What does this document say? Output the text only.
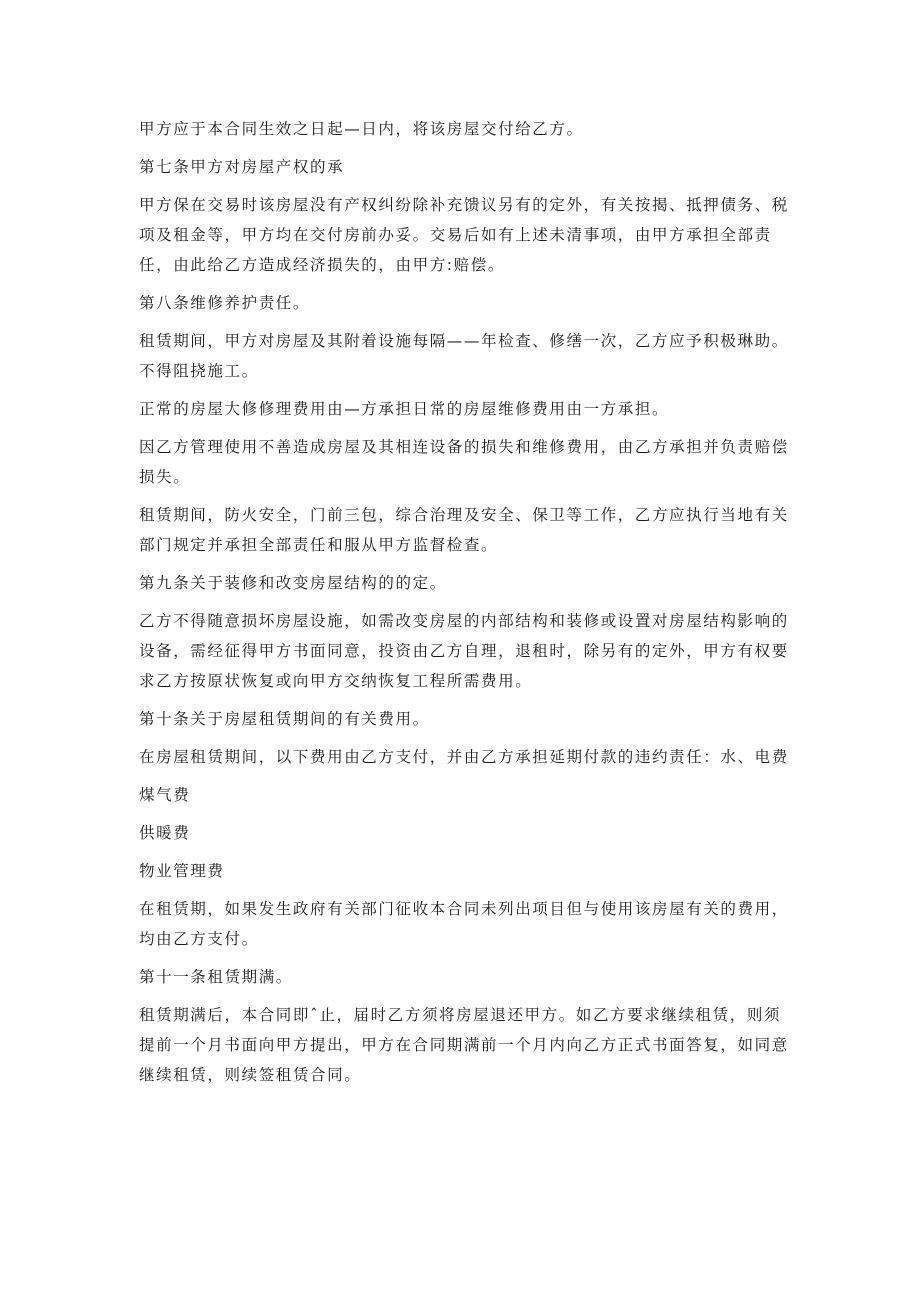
甲方应于本合同生效之日起—日内，将该房屋交付给乙方。

第七条甲方对房屋产权的承

甲方保在交易时该房屋没有产权纠纷除补充馈议另有的定外，有关按揭、抵押债务、税项及租金等，甲方均在交付房前办妥。交易后如有上述未清事项，由甲方承担全部责任，由此给乙方造成经济损失的，由甲方:赔偿。

第八条维修养护责任。

租赁期间，甲方对房屋及其附着设施每隔——年检查、修缮一次，乙方应予积极琳助。不得阻挠施工。

正常的房屋大修修理费用由—方承担日常的房屋维修费用由一方承担。

因乙方管理使用不善造成房屋及其相连设备的损失和维修费用，由乙方承担并负责赔偿损失。

租赁期间，防火安全，门前三包，综合治理及安全、保卫等工作，乙方应执行当地有关部门规定并承担全部责任和服从甲方监督检查。

第九条关于装修和改变房屋结构的的定。

乙方不得随意损坏房屋设施，如需改变房屋的内部结构和装修或设置对房屋结构影响的设备，需经征得甲方书面同意，投资由乙方自理，退租时，除另有的定外，甲方有权要求乙方按原状恢复或向甲方交纳恢复工程所需费用。

第十条关于房屋租赁期间的有关费用。

在房屋租赁期间，以下费用由乙方支付，并由乙方承担延期付款的违约责任：水、电费

煤气费

供暖费

物业管理费

在租赁期，如果发生政府有关部门征收本合同未列出项目但与使用该房屋有关的费用，均由乙方支付。

第十一条租赁期满。

租赁期满后，本合同即ˆ止，届时乙方须将房屋退还甲方。如乙方要求继续租赁，则须提前一个月书面向甲方提出，甲方在合同期满前一个月内向乙方正式书面答复，如同意继续租赁，则续签租赁合同。
